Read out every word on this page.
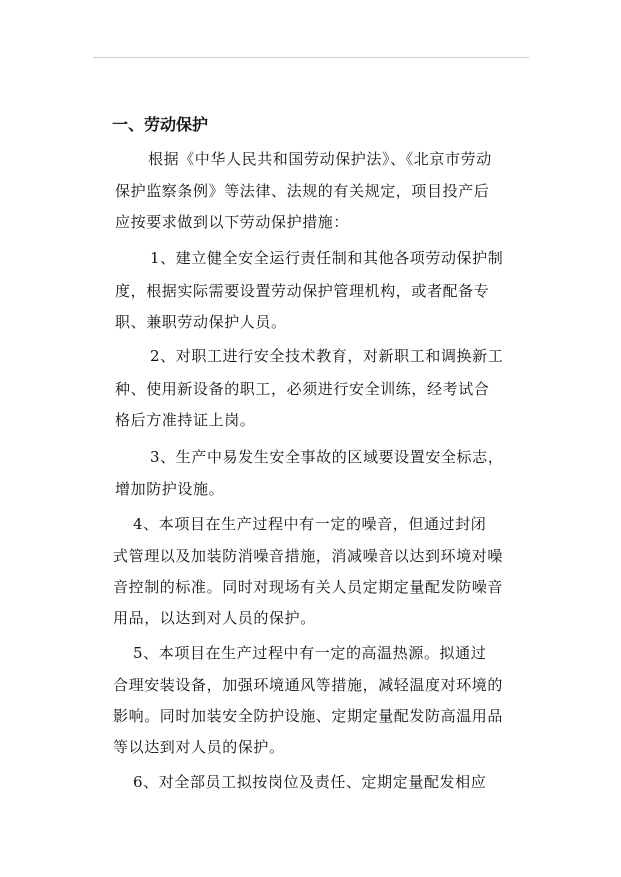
一、劳动保护
根据《中华人民共和国劳动保护法》、《北京市劳动
保护监察条例》等法律、法规的有关规定，项目投产后
应按要求做到以下劳动保护措施：
1、建立健全安全运行责任制和其他各项劳动保护制
度，根据实际需要设置劳动保护管理机构，或者配备专
职、兼职劳动保护人员。
2、对职工进行安全技术教育，对新职工和调换新工
种、使用新设备的职工，必须进行安全训练，经考试合
格后方准持证上岗。
3、生产中易发生安全事故的区域要设置安全标志，
增加防护设施。
4、本项目在生产过程中有一定的噪音，但通过封闭
式管理以及加装防消噪音措施，消减噪音以达到环境对噪
音控制的标准。同时对现场有关人员定期定量配发防噪音
用品，以达到对人员的保护。
5、本项目在生产过程中有一定的高温热源。拟通过
合理安装设备，加强环境通风等措施，减轻温度对环境的
影响。同时加装安全防护设施、定期定量配发防高温用品
等以达到对人员的保护。
6、对全部员工拟按岗位及责任、定期定量配发相应
